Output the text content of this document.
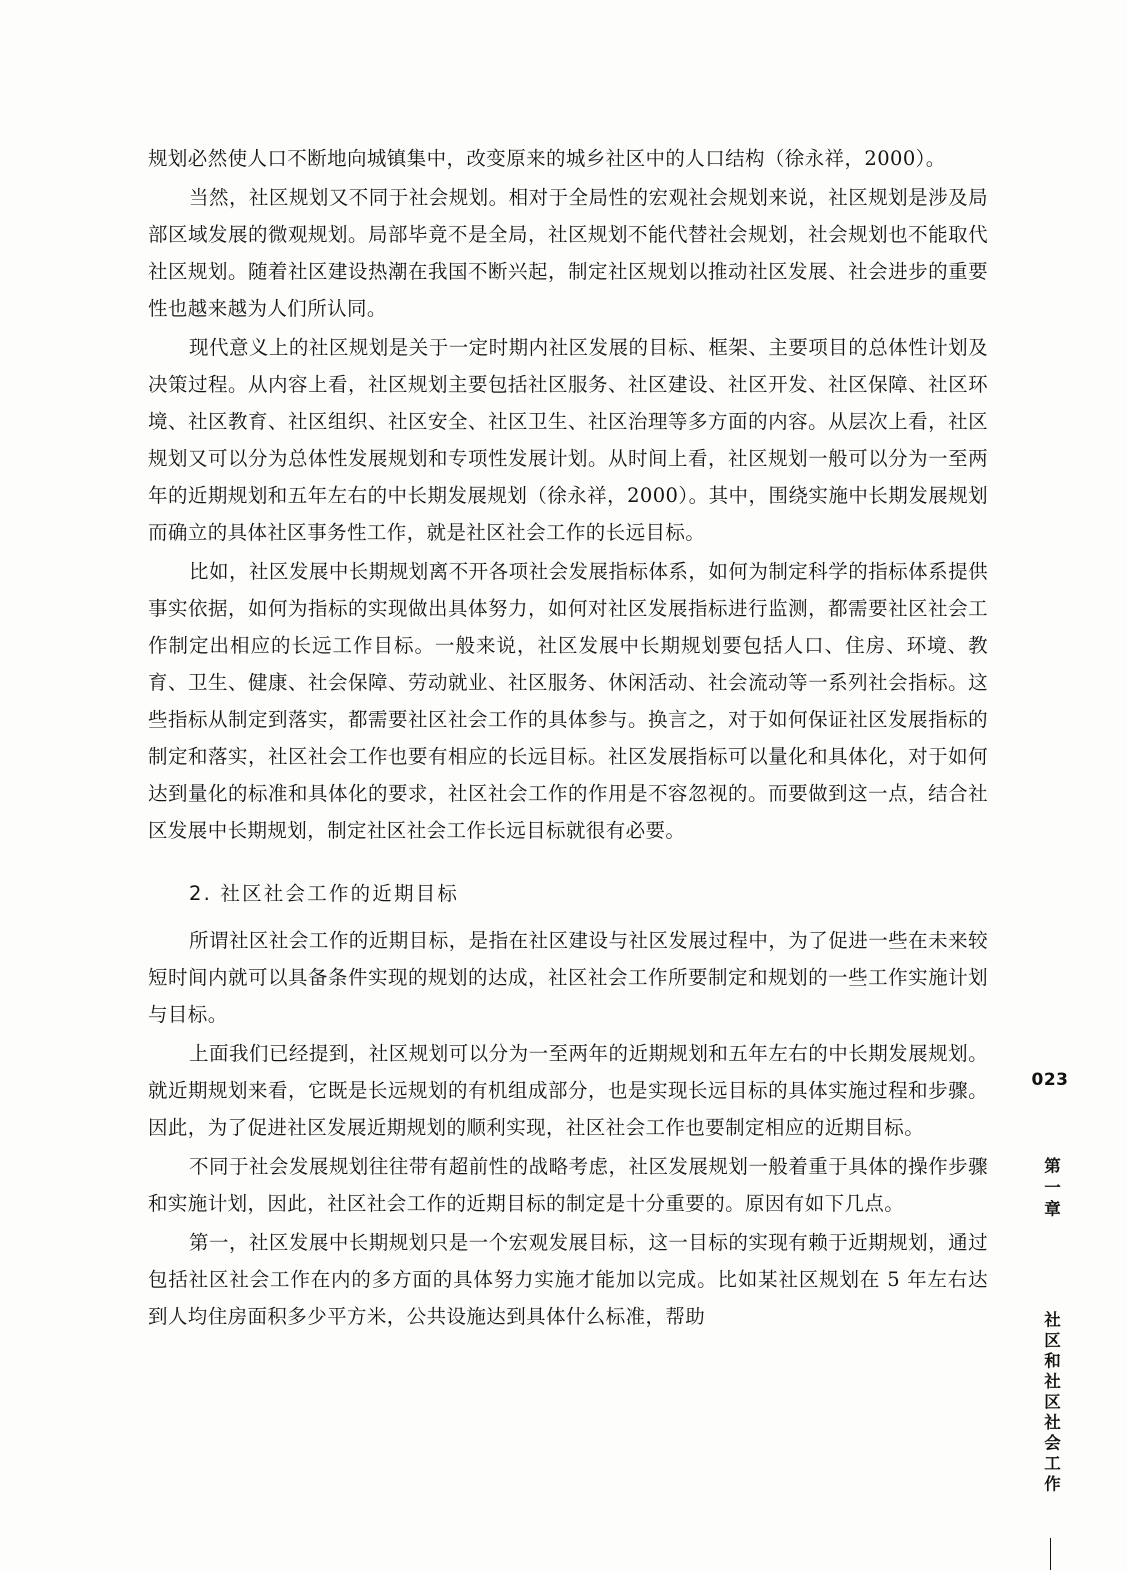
规划必然使人口不断地向城镇集中，改变原来的城乡社区中的人口结构（徐永祥，2000）。

当然，社区规划又不同于社会规划。相对于全局性的宏观社会规划来说，社区规划是涉及局部区域发展的微观规划。局部毕竟不是全局，社区规划不能代替社会规划，社会规划也不能取代社区规划。随着社区建设热潮在我国不断兴起，制定社区规划以推动社区发展、社会进步的重要性也越来越为人们所认同。

现代意义上的社区规划是关于一定时期内社区发展的目标、框架、主要项目的总体性计划及决策过程。从内容上看，社区规划主要包括社区服务、社区建设、社区开发、社区保障、社区环境、社区教育、社区组织、社区安全、社区卫生、社区治理等多方面的内容。从层次上看，社区规划又可以分为总体性发展规划和专项性发展计划。从时间上看，社区规划一般可以分为一至两年的近期规划和五年左右的中长期发展规划（徐永祥，2000）。其中，围绕实施中长期发展规划而确立的具体社区事务性工作，就是社区社会工作的长远目标。

比如，社区发展中长期规划离不开各项社会发展指标体系，如何为制定科学的指标体系提供事实依据，如何为指标的实现做出具体努力，如何对社区发展指标进行监测，都需要社区社会工作制定出相应的长远工作目标。一般来说，社区发展中长期规划要包括人口、住房、环境、教育、卫生、健康、社会保障、劳动就业、社区服务、休闲活动、社会流动等一系列社会指标。这些指标从制定到落实，都需要社区社会工作的具体参与。换言之，对于如何保证社区发展指标的制定和落实，社区社会工作也要有相应的长远目标。社区发展指标可以量化和具体化，对于如何达到量化的标准和具体化的要求，社区社会工作的作用是不容忽视的。而要做到这一点，结合社区发展中长期规划，制定社区社会工作长远目标就很有必要。

2. 社区社会工作的近期目标

所谓社区社会工作的近期目标，是指在社区建设与社区发展过程中，为了促进一些在未来较短时间内就可以具备条件实现的规划的达成，社区社会工作所要制定和规划的一些工作实施计划与目标。

上面我们已经提到，社区规划可以分为一至两年的近期规划和五年左右的中长期发展规划。就近期规划来看，它既是长远规划的有机组成部分，也是实现长远目标的具体实施过程和步骤。因此，为了促进社区发展近期规划的顺利实现，社区社会工作也要制定相应的近期目标。

不同于社会发展规划往往带有超前性的战略考虑，社区发展规划一般着重于具体的操作步骤和实施计划，因此，社区社会工作的近期目标的制定是十分重要的。原因有如下几点。

第一，社区发展中长期规划只是一个宏观发展目标，这一目标的实现有赖于近期规划，通过包括社区社会工作在内的多方面的具体努力实施才能加以完成。比如某社区规划在 5 年左右达到人均住房面积多少平方米，公共设施达到具体什么标准，帮助

023
第一章
社区和社区社会工作
